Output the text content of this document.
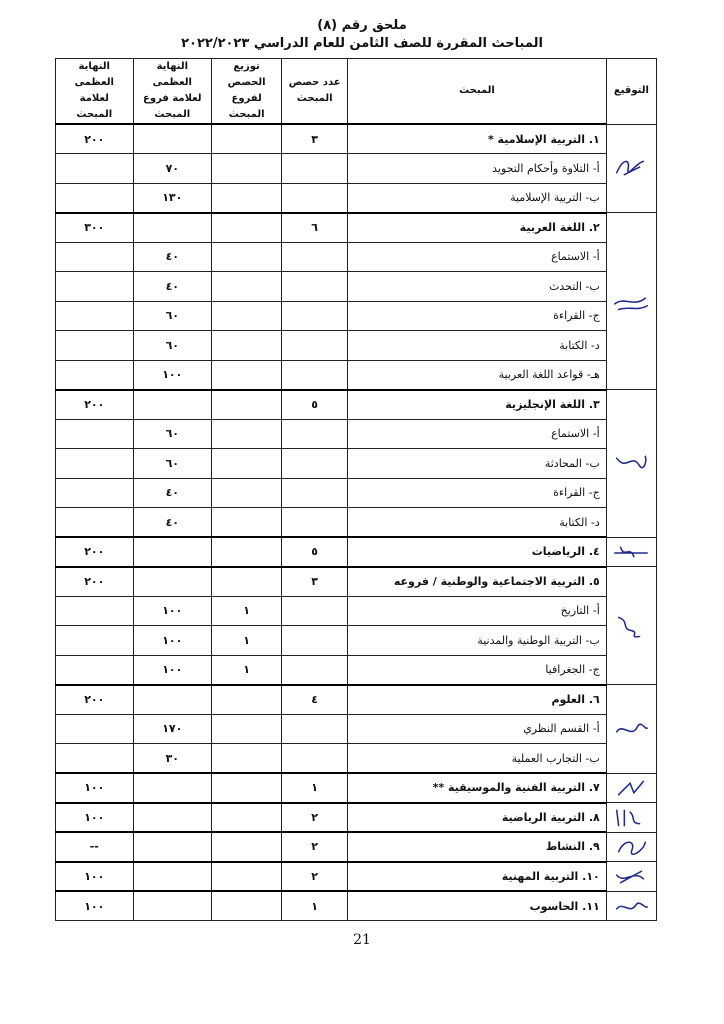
ملحق رقم (٨)
المباحث المقررة للصف الثامن للعام الدراسي ٢٠٢٢/٢٠٢٣
التوقيع	المبحث	عدد حصص المبحث	توزيع الحصص لفروع المبحث	النهاية العظمى لعلامة فروع المبحث	النهاية العظمى لعلامة المبحث

	١. التربية الإسلامية *	٣			٢٠٠
	أ- التلاوة وأحكام التجويد			٧٠	
	ب- التربية الإسلامية			١٣٠	

	٢. اللغة العربية	٦			٣٠٠
	أ- الاستماع			٤٠	
	ب- التحدث			٤٠	
	ج- القراءة			٦٠	
	د- الكتابة			٦٠	
	هـ- قواعد اللغة العربية			١٠٠	

	٣. اللغة الإنجليزية	٥			٢٠٠
	أ- الاستماع			٦٠	
	ب- المحادثة			٦٠	
	ج- القراءة			٤٠	
	د- الكتابة			٤٠	

	٤. الرياضيات	٥			٢٠٠

	٥. التربية الاجتماعية والوطنية / فروعه	٣			٢٠٠
	أ- التاريخ		١	١٠٠	
	ب- التربية الوطنية والمدنية		١	١٠٠	
	ج- الجغرافيا		١	١٠٠	

	٦. العلوم	٤			٢٠٠
	أ- القسم النظري			١٧٠	
	ب- التجارب العملية			٣٠	

	٧. التربية الفنية والموسيقية **	١			١٠٠

	٨. التربية الرياضية	٢			١٠٠

	٩. النشاط	٢			--

	١٠. التربية المهنية	٢			١٠٠

	١١. الحاسوب	١			١٠٠
21
